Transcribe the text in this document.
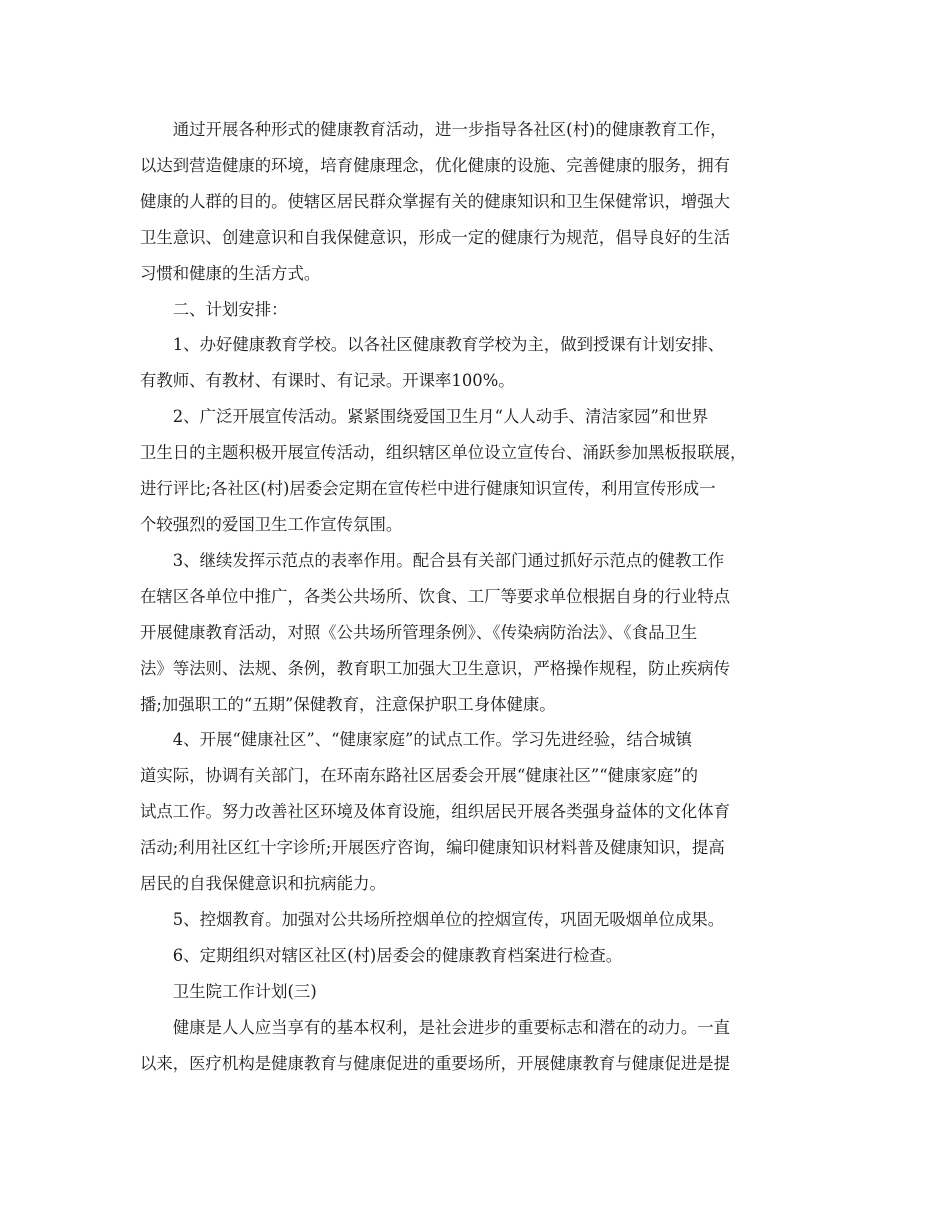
通过开展各种形式的健康教育活动，进一步指导各社区(村)的健康教育工作，
以达到营造健康的环境，培育健康理念，优化健康的设施、完善健康的服务，拥有
健康的人群的目的。使辖区居民群众掌握有关的健康知识和卫生保健常识，增强大
卫生意识、创建意识和自我保健意识，形成一定的健康行为规范，倡导良好的生活
习惯和健康的生活方式。

二、计划安排：

1、办好健康教育学校。以各社区健康教育学校为主，做到授课有计划安排、
有教师、有教材、有课时、有记录。开课率100%。

2、广泛开展宣传活动。紧紧围绕爱国卫生月“人人动手、清洁家园”和世界
卫生日的主题积极开展宣传活动，组织辖区单位设立宣传台、涌跃参加黑板报联展，
进行评比;各社区(村)居委会定期在宣传栏中进行健康知识宣传，利用宣传形成一
个较强烈的爱国卫生工作宣传氛围。

3、继续发挥示范点的表率作用。配合县有关部门通过抓好示范点的健教工作
在辖区各单位中推广，各类公共场所、饮食、工厂等要求单位根据自身的行业特点
开展健康教育活动，对照《公共场所管理条例》、《传染病防治法》、《食品卫生
法》等法则、法规、条例，教育职工加强大卫生意识，严格操作规程，防止疾病传
播;加强职工的“五期”保健教育，注意保护职工身体健康。

4、开展“健康社区”、“健康家庭”的试点工作。学习先进经验，结合城镇
道实际，协调有关部门，在环南东路社区居委会开展“健康社区”“健康家庭”的
试点工作。努力改善社区环境及体育设施，组织居民开展各类强身益体的文化体育
活动;利用社区红十字诊所;开展医疗咨询，编印健康知识材料普及健康知识，提高
居民的自我保健意识和抗病能力。

5、控烟教育。加强对公共场所控烟单位的控烟宣传，巩固无吸烟单位成果。

6、定期组织对辖区社区(村)居委会的健康教育档案进行检查。

卫生院工作计划(三)

健康是人人应当享有的基本权利，是社会进步的重要标志和潜在的动力。一直
以来，医疗机构是健康教育与健康促进的重要场所，开展健康教育与健康促进是提
